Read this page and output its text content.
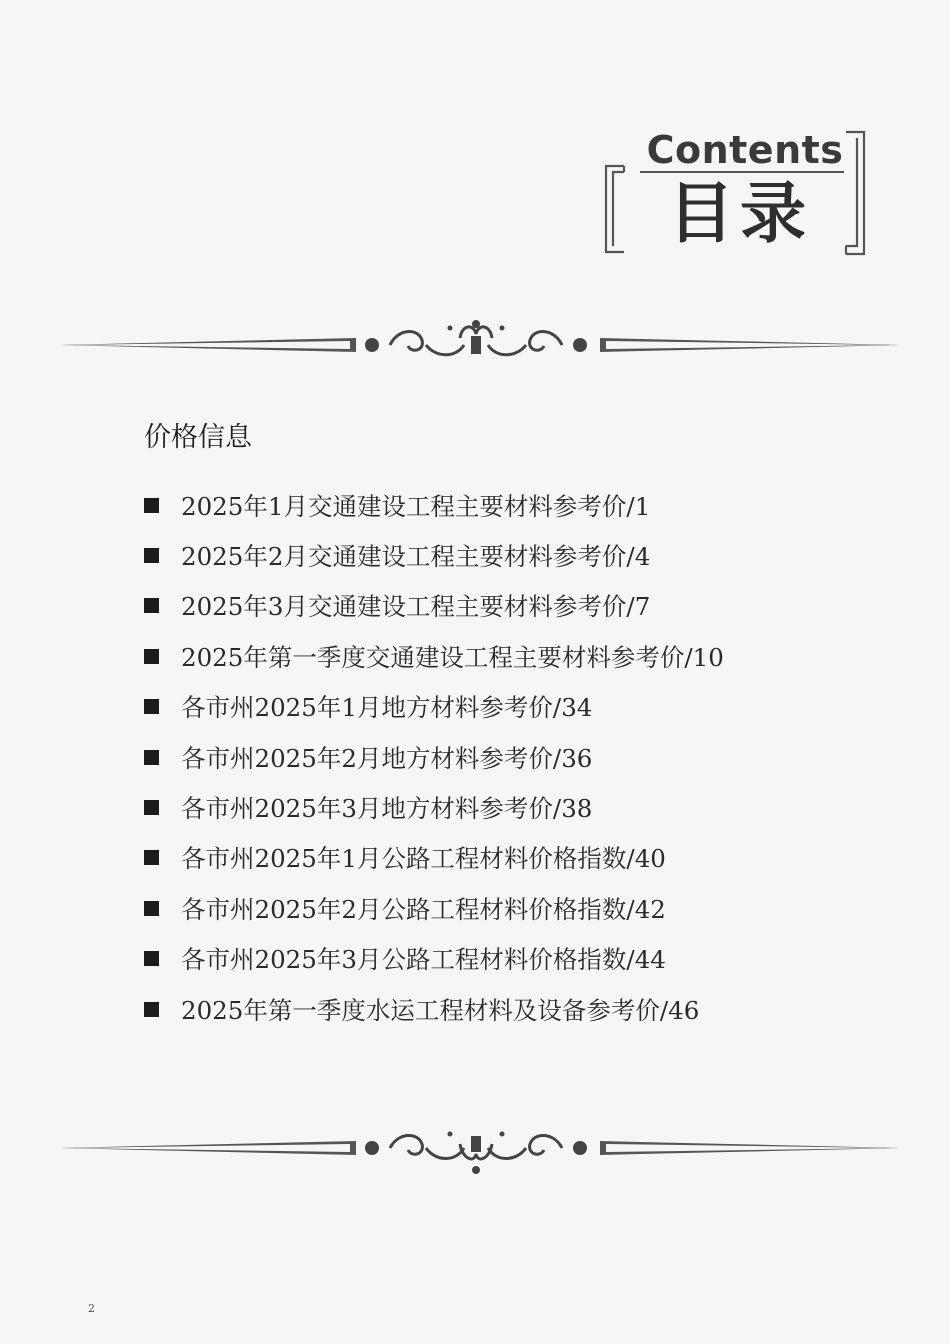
Contents
目录
价格信息
2025年1月交通建设工程主要材料参考价/1
2025年2月交通建设工程主要材料参考价/4
2025年3月交通建设工程主要材料参考价/7
2025年第一季度交通建设工程主要材料参考价/10
各市州2025年1月地方材料参考价/34
各市州2025年2月地方材料参考价/36
各市州2025年3月地方材料参考价/38
各市州2025年1月公路工程材料价格指数/40
各市州2025年2月公路工程材料价格指数/42
各市州2025年3月公路工程材料价格指数/44
2025年第一季度水运工程材料及设备参考价/46
2
